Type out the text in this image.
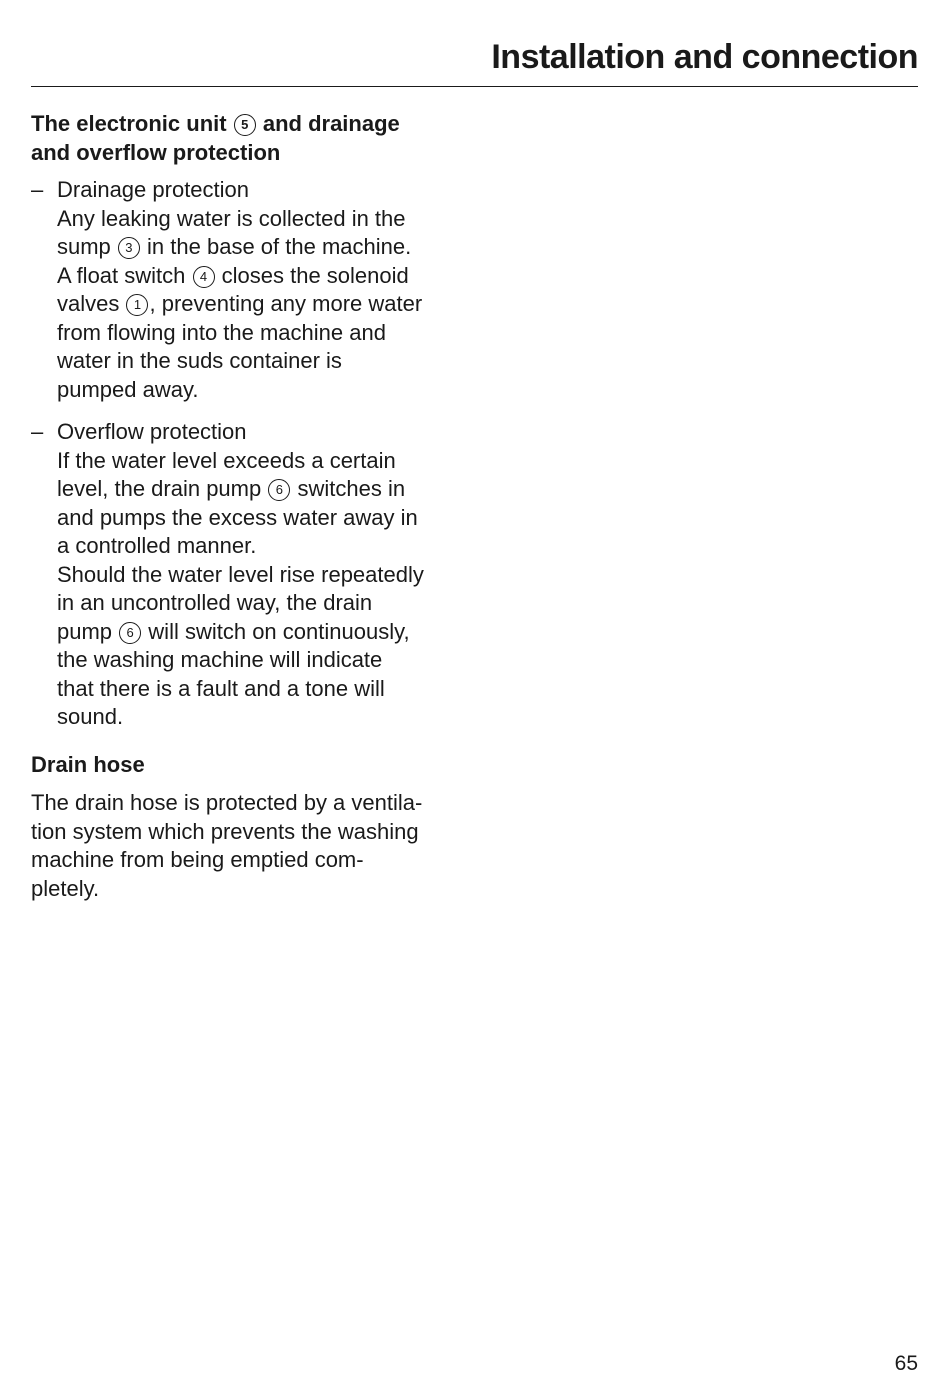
Installation and connection

The electronic unit 5 and drainage
and overflow protection

– Drainage protection
Any leaking water is collected in the
sump 3 in the base of the machine.
A float switch 4 closes the solenoid
valves 1 , preventing any more water
from flowing into the machine and
water in the suds container is
pumped away.
– Overflow protection
If the water level exceeds a certain
level, the drain pump 6 switches in
and pumps the excess water away in
a controlled manner.
Should the water level rise repeatedly
in an uncontrolled way, the drain
pump 6 will switch on continuously,
the washing machine will indicate
that there is a fault and a tone will
sound.

Drain hose

The drain hose is protected by a ventila-
tion system which prevents the washing
machine from being emptied com-
pletely.
65
